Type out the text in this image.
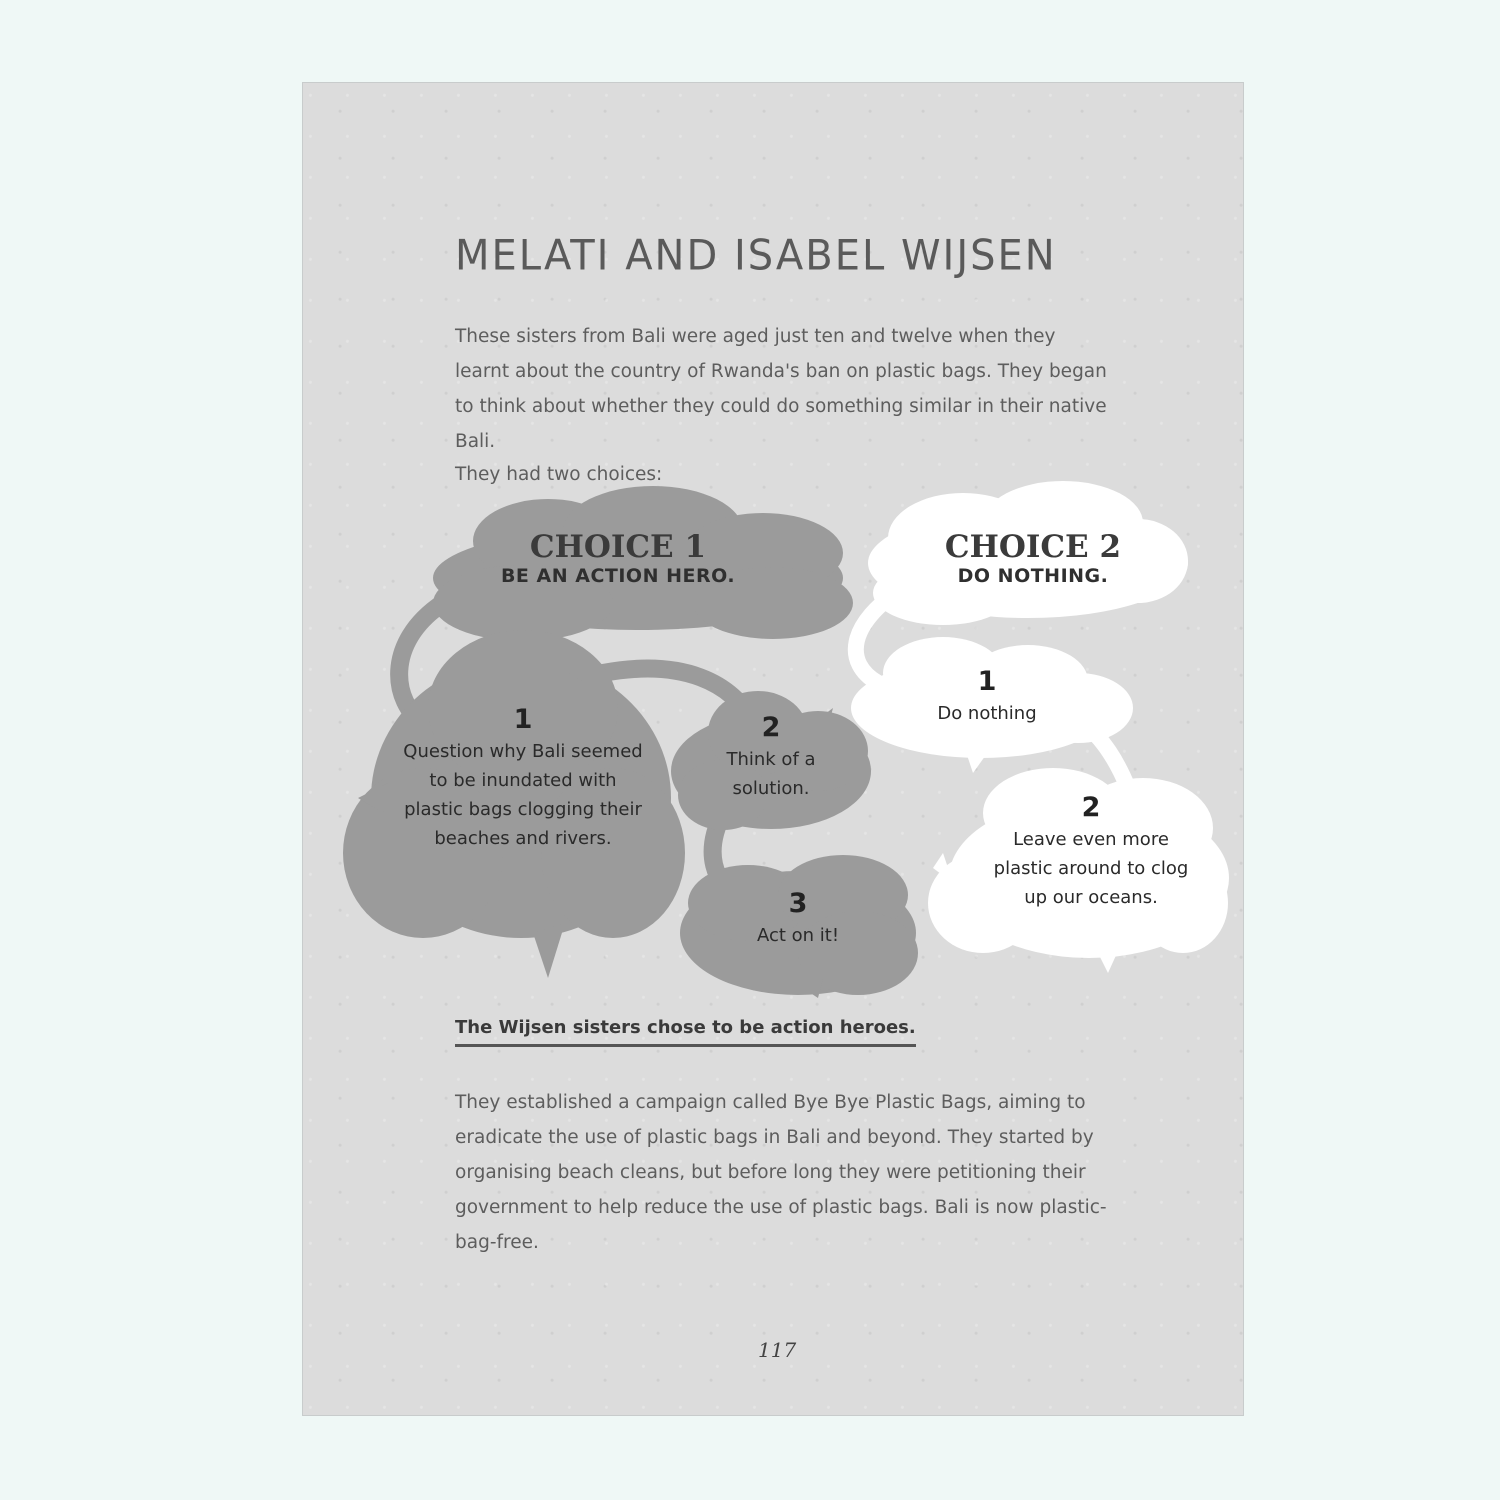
MELATI AND ISABEL WIJSEN
These sisters from Bali were aged just ten and twelve when they learnt about the country of Rwanda's ban on plastic bags. They began to think about whether they could do something similar in their native Bali.
They had two choices:
CHOICE 1
BE AN ACTION HERO.
1
Question why Bali seemed to be inundated with plastic bags clogging their beaches and rivers.
2
Think of a solution.
3
Act on it!
CHOICE 2
DO NOTHING.
1
Do nothing
2
Leave even more plastic around to clog up our oceans.
The Wijsen sisters chose to be action heroes.
They established a campaign called Bye Bye Plastic Bags, aiming to eradicate the use of plastic bags in Bali and beyond. They started by organising beach cleans, but before long they were petitioning their government to help reduce the use of plastic bags. Bali is now plastic-bag-free.
117
